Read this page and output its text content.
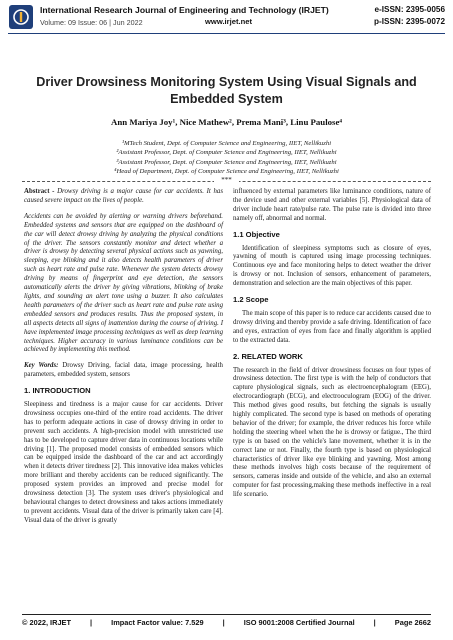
International Research Journal of Engineering and Technology (IRJET)	e-ISSN: 2395-0056
Volume: 09 Issue: 06 | Jun 2022	www.irjet.net	p-ISSN: 2395-0072
Driver Drowsiness Monitoring System Using Visual Signals and Embedded System
Ann Mariya Joy¹, Nice Mathew², Prema Mani³, Linu Paulose⁴
¹MTech Student, Dept. of Computer Science and Engineering, IIET, Nellikuzhi
²Assistant Professor, Dept. of Computer Science and Engineering, IIET, Nellikuzhi
³Assistant Professor, Dept. of Computer Science and Engineering, IIET, Nellikuzhi
⁴Head of Department, Dept. of Computer Science and Engineering, IIET, Nellikuzhi
***

Abstract - Drowsy driving is a major cause for car accidents. It has caused severe impact on the lives of people.

Accidents can be avoided by alerting or warning drivers beforehand. Embedded systems and sensors that are equipped on the dashboard of the car will detect drowsy driving by analyzing the physical conditions of the driver. The sensors constantly monitor and detect whether a driver is drowsy by detecting several physical actions such as yawning, sleeping, eye blinking and it also detects health parameters of driver such as heart rate and pulse rate. Whenever the system detects drowsy driving by means of fingerprint and eye detection, the sensors automatically alerts the driver by giving vibrations, blinking of brake lights, and sounding an alert tone using a buzzer. It also calculates health parameters of the driver such as heart rate and pulse rate using embedded sensors and produces results. Thus the proposed system, in all aspects detects all signs of inattention during the course of driving. I have implemented image processing techniques as well as deep learning techniques. Higher accuracy in various luminance conditions can be achieved by implementing this method.

Key Words: Drowsy Driving, facial data, image processing, health parameters, embedded system, sensors

1. INTRODUCTION

Sleepiness and tiredness is a major cause for car accidents. Driver drowsiness occupies one-third of the entire road accidents. The driver has to perform adequate actions in case of drowsy driving in order to prevent such accidents. A high-precision model with unrestricted use has to be developed to capture driver data in continuous locations while driving [1]. The proposed model consists of embedded sensors which can be equipped inside the dashboard of the car and act accordingly when it detects driver tiredness [2]. This innovative idea makes vehicles more brilliant and thereby accidents can be reduced significantly. The proposed system provides an improved and precise model for drowsiness detection [3]. The system uses driver's physiological and behavioural changes to detect drowsiness and takes actions immediately to prevent accidents. Visual data of the driver is primarily taken care [4]. Visual data of the driver is greatly

influenced by external parameters like luminance conditions, nature of the device used and other external variables [5]. Physiological data of driver include heart rate/pulse rate. The pulse rate is divided into three namely off, abnormal and normal.

1.1 Objective

Identification of sleepiness symptoms such as closure of eyes, yawning of mouth is captured using image processing techniques. Continuous eye and face monitoring helps to detect weather the driver is drowsy or not. Inclusion of sensors, enhancement of parameters, demonstration and selection are the main objectives of this paper.

1.2 Scope

The main scope of this paper is to reduce car accidents caused due to drowsy driving and thereby provide a safe driving. Identification of face and eyes, extraction of eyes from face and finally algorithm is applied to the extracted data.

2. RELATED WORK

The research in the field of driver drowsiness focuses on four types of drowsiness detection. The first type is with the help of conductors that capture physiological signals, such as electroencephalogram (EEG), electrocardiograph (ECG), and electrooculogram (EOG) of the driver. This method gives good results, but fetching the signals is usually highly complicated. The second type is based on methods of operating behavior of the driver; for example, the driver reduces his force while holding the steering wheel when the he is drowsy or fatigue., The third type is on based on the vehicle's lane movement, whether it is in the correct lane or not. Finally, the fourth type is based on physiological characteristics of driver like eye blinking and yawning. Most among these methods involves high costs because of the requirement of sensors, cameras inside and outside of the vehicle, and also an external computer for fast processing,making these methods ineffective in a real life scenario.

© 2022, IRJET	|	Impact Factor value: 7.529	|	ISO 9001:2008 Certified Journal	|	Page 2662
